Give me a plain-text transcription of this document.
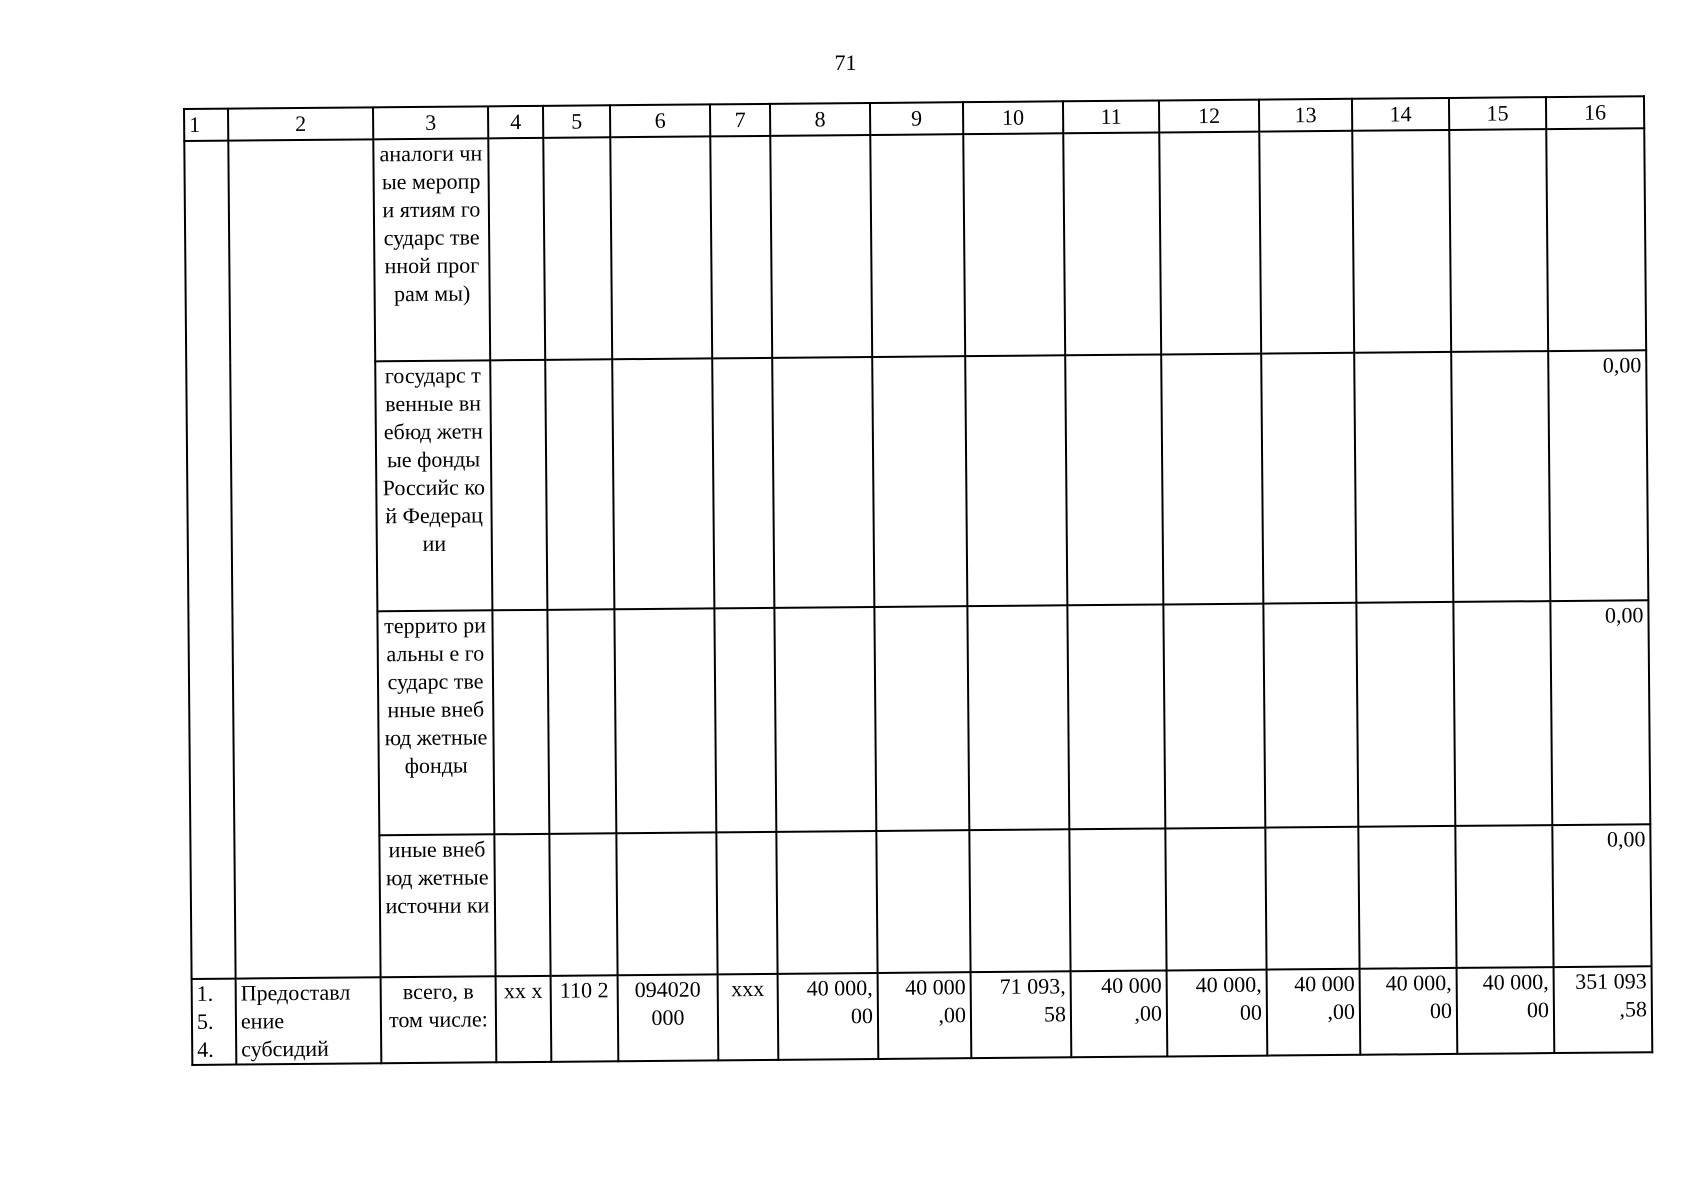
71
1	2	3	4	5	6	7	8	9	10	11	12	13	14	15	16
		аналоги чные меропри ятиям государс твенной програм мы)													
		государс твенные внебюд жетные фонды Российс кой Федерац ии													0,00
		террито риальны е государс твенные внебюд жетные фонды													0,00
		иные внебюд жетные источни ки													0,00
1. 5. 4.	Предоставл ение субсидий	всего, в том числе:	хх х	110 2	094020 000	ххх	40 000, 00	40 000 ,00	71 093, 58	40 000 ,00	40 000, 00	40 000 ,00	40 000, 00	40 000, 00	351 093 ,58
